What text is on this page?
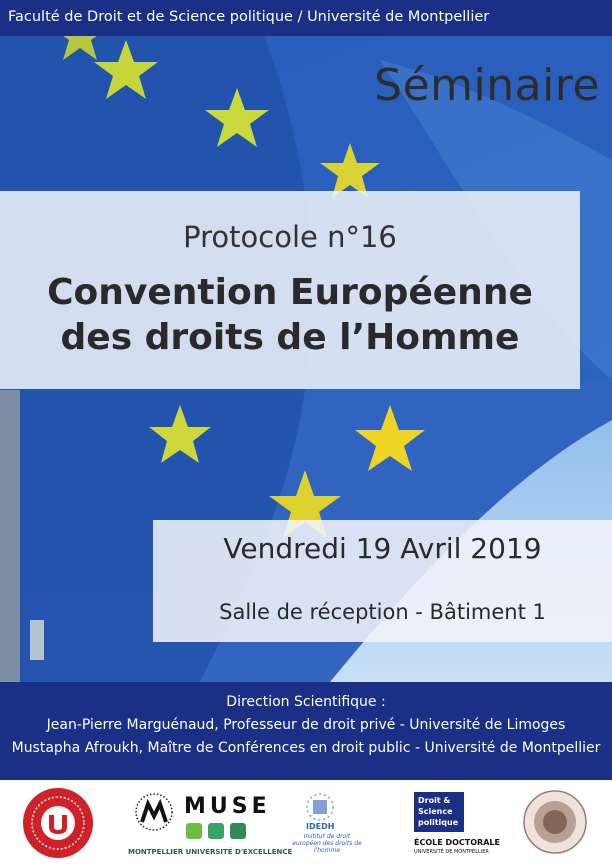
Faculté de Droit et de Science politique / Université de Montpellier
Séminaire
Protocole n°16
Convention Européenne
des droits de l’Homme
Vendredi 19 Avril 2019
Salle de réception - Bâtiment 1
Direction Scientifique :
Jean-Pierre Marguénaud, Professeur de droit privé - Université de Limoges
Mustapha Afroukh, Maître de Conférences en droit public - Université de Montpellier
MUSE
MONTPELLIER UNIVERSITÉ D'EXCELLENCE
IDEDH
Institut de droit européen des droits de l'homme
Droit &
Science
politique
ÉCOLE DOCTORALE
UNIVERSITÉ DE MONTPELLIER
